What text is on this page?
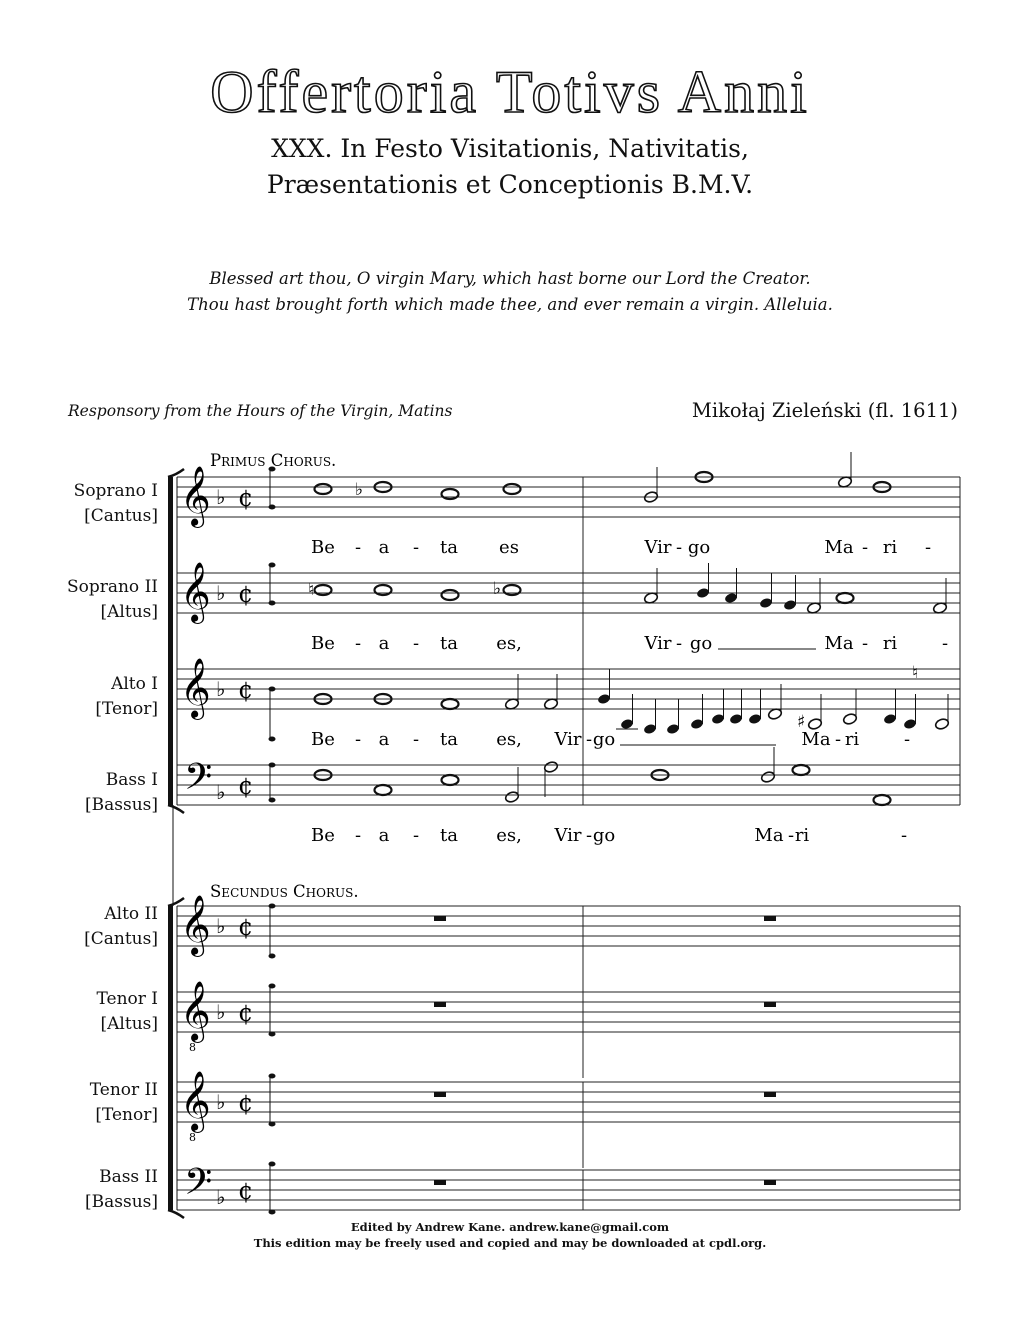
Offertoria Totivs Anni
XXX. In Festo Visitationis, Nativitatis,
Præsentationis et Conceptionis B.M.V.
Blessed art thou, O virgin Mary, which hast borne our Lord the Creator.
Thou hast brought forth which made thee, and ever remain a virgin. Alleluia.
Responsory from the Hours of the Virgin, Matins	Mikołaj Zieleński (fl. 1611)
Soprano I
[Cantus]
Soprano II
[Altus]
Alto I
[Tenor]
Bass I
[Bassus]
Alto II
[Cantus]
Tenor I
[Altus]
Tenor II
[Tenor]
Bass II
[Bassus]
𝄞 ♭ ¢
𝄞 ♭ ¢
𝄞 ♭ ¢
𝄢 ♭ ¢
𝄞 ♭ ¢
𝄞
8
♭ ¢
𝄞
8
♭ ¢
𝄢 ♭ ¢
♭
♮	♭
♯
♮
Primus Chorus.
Secundus Chorus.
Be - a - ta es	Vir - go	Ma - ri -
Be - a - ta es,	Vir - go	Ma - ri -
Be - a - ta es, Vir - go	Ma - ri -
Be - a - ta es, Vir - go	Ma - ri	-
Edited by Andrew Kane. andrew.kane@gmail.com
This edition may be freely used and copied and may be downloaded at cpdl.org.
